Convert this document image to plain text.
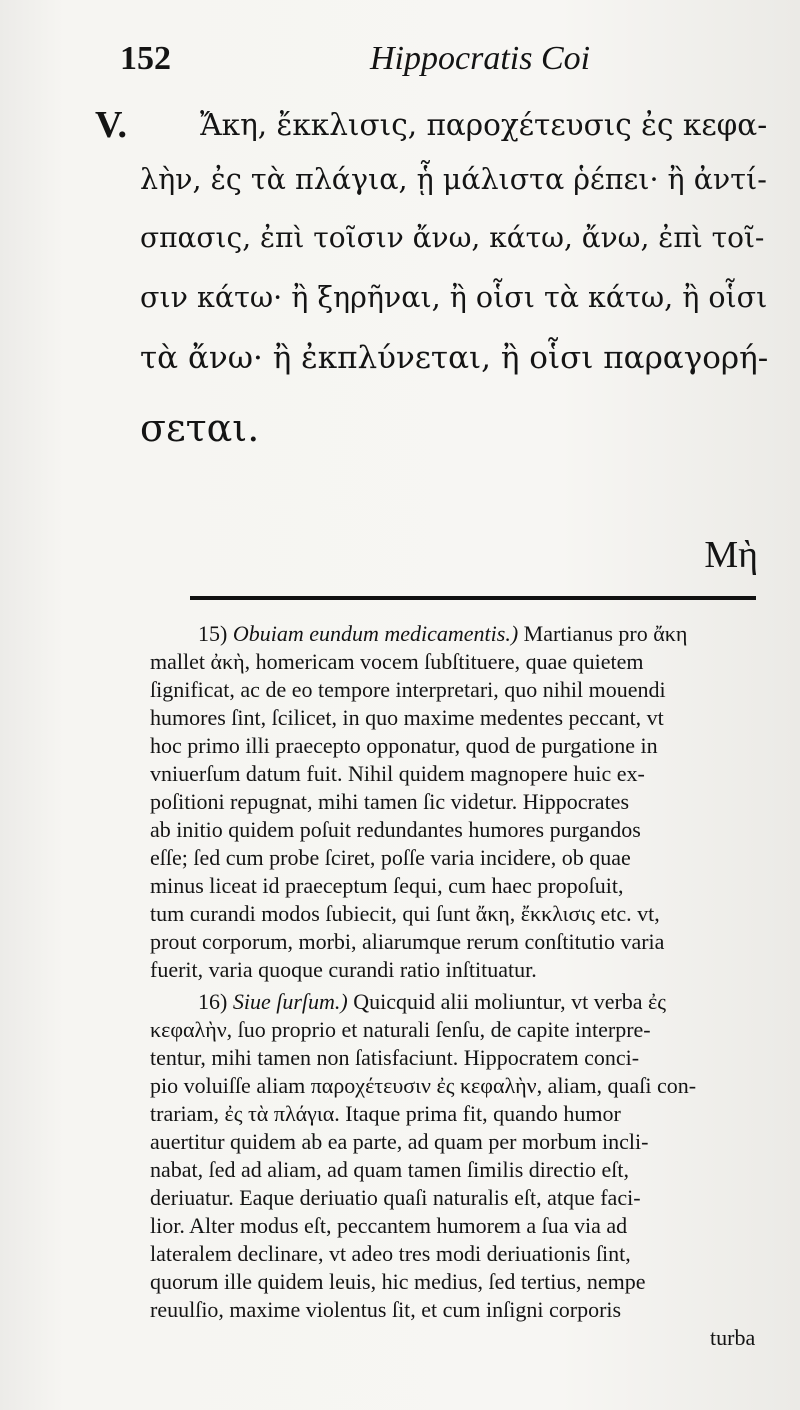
152	Hippocratis Coi
V. Ἄκη, ἔκκλισις, παροχέτευσις ἐς κεφα-
λὴν, ἐς τὰ πλάγια, ᾗ μάλιστα ῥέπει· ἢ ἀντί-
σπασις, ἐπὶ τοῖσιν ἄνω, κάτω, ἄνω, ἐπὶ τοῖ-
σιν κάτω· ἢ ξηρῆναι, ἢ οἷσι τὰ κάτω, ἢ οἷσι
τὰ ἄνω· ἢ ἐκπλύνεται, ἢ οἷσι παραγορή-
σεται.
Μὴ
15) Obuiam eundum medicamentis.) Martianus pro ἄκη
mallet ἀκὴ, homericam vocem ſubſtituere, quae quietem
ſignificat, ac de eo tempore interpretari, quo nihil mouendi
humores ſint, ſcilicet, in quo maxime medentes peccant, vt
hoc primo illi praecepto opponatur, quod de purgatione in
vniuerſum datum fuit. Nihil quidem magnopere huic ex-
poſitioni repugnat, mihi tamen ſic videtur. Hippocrates
ab initio quidem poſuit redundantes humores purgandos
eſſe; ſed cum probe ſciret, poſſe varia incidere, ob quae
minus liceat id praeceptum ſequi, cum haec propoſuit,
tum curandi modos ſubiecit, qui ſunt ἄκη, ἔκκλισις etc. vt,
prout corporum, morbi, aliarumque rerum conſtitutio varia
fuerit, varia quoque curandi ratio inſtituatur.
16) Siue ſurſum.) Quicquid alii moliuntur, vt verba ἐς
κεφαλὴν, ſuo proprio et naturali ſenſu, de capite interpre-
tentur, mihi tamen non ſatisfaciunt. Hippocratem conci-
pio voluiſſe aliam παροχέτευσιν ἐς κεφαλὴν, aliam, quaſi con-
trariam, ἐς τὰ πλάγια. Itaque prima fit, quando humor
auertitur quidem ab ea parte, ad quam per morbum incli-
nabat, ſed ad aliam, ad quam tamen ſimilis directio eſt,
deriuatur. Eaque deriuatio quaſi naturalis eſt, atque faci-
lior. Alter modus eſt, peccantem humorem a ſua via ad
lateralem declinare, vt adeo tres modi deriuationis ſint,
quorum ille quidem leuis, hic medius, ſed tertius, nempe
reuulſio, maxime violentus ſit, et cum inſigni corporis
turba
